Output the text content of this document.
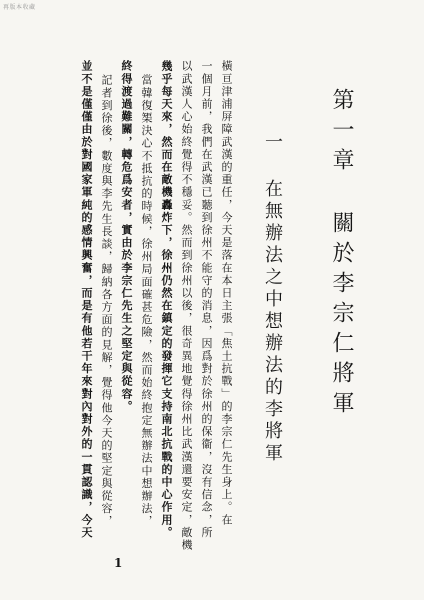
再版本收藏
第一章 關於李宗仁將軍
一 在無辦法之中想辦法的李將軍
橫亘津浦屏障武漢的重任，今天是落在本日主張「焦土抗戰」的李宗仁先生身上。在
一個月前，我們在武漢已聽到徐州不能守的消息，因爲對於徐州的保衞，沒有信念，所
以武漢人心始終覺得不穩妥。然而到徐州以後，很奇異地覺得徐州比武漢還要安定，敵機
幾乎每天來，然而在敵機轟炸下，徐州仍然在鎮定的發揮它支持南北抗戰的中心作用。
當韓復榘決心不抵抗的時候，徐州局面確甚危險，然而始終抱定無辦法中想辦法，
終得渡過難關，轉危爲安者，實由於李宗仁先生之堅定與從容。
記者到徐後，數度與李先生長談，歸納各方面的見解，覺得他今天的堅定與從容，
並不是僅僅由於對國家軍純的感情興奮，而是有他若干年來對內對外的一貫認識，今天
1
